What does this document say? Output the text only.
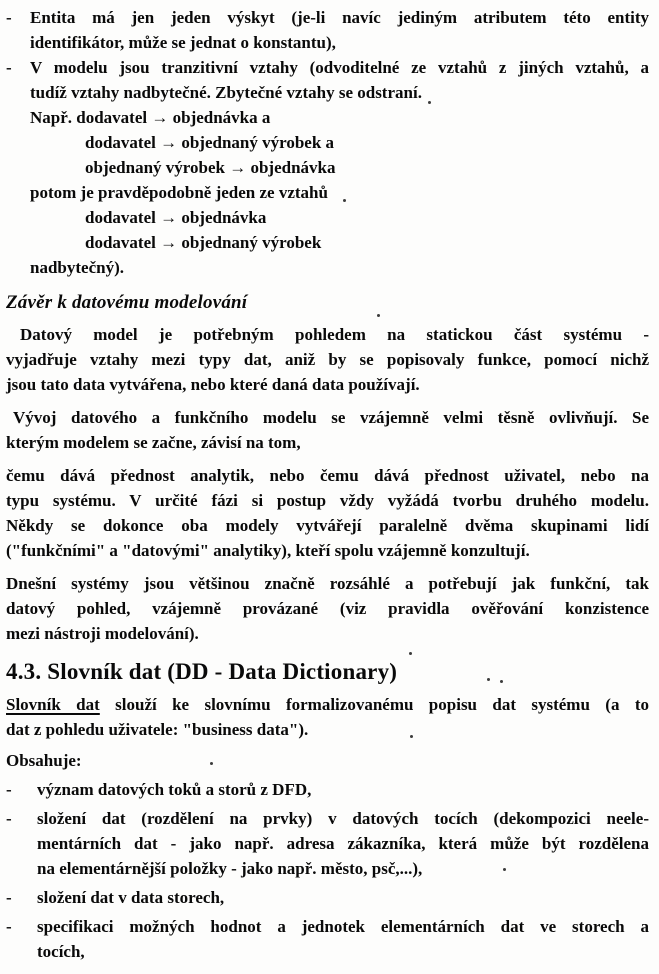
-	Entita má jen jeden výskyt (je-li navíc jediným atributem této entity
identifikátor, může se jednat o konstantu),
-	V modelu jsou tranzitivní vztahy (odvoditelné ze vztahů z jiných vztahů, a
tudíž vztahy nadbytečné. Zbytečné vztahy se odstraní.
Např. dodavatel → objednávka a
dodavatel → objednaný výrobek a
objednaný výrobek → objednávka
potom je pravděpodobně jeden ze vztahů
dodavatel → objednávka
dodavatel → objednaný výrobek
nadbytečný).
Závěr k datovému modelování
Datový model je potřebným pohledem na statickou část systému -
vyjadřuje vztahy mezi typy dat, aniž by se popisovaly funkce, pomocí nichž
jsou tato data vytvářena, nebo které daná data používají.
Vývoj datového a funkčního modelu se vzájemně velmi těsně ovlivňují. Se
kterým modelem se začne, závisí na tom,
čemu dává přednost analytik, nebo čemu dává přednost uživatel, nebo na
typu systému. V určité fázi si postup vždy vyžádá tvorbu druhého modelu.
Někdy se dokonce oba modely vytvářejí paralelně dvěma skupinami lidí
("funkčními" a "datovými" analytiky), kteří spolu vzájemně konzultují.
Dnešní systémy jsou většinou značně rozsáhlé a potřebují jak funkční, tak
datový pohled, vzájemně provázané (viz pravidla ověřování konzistence
mezi nástroji modelování).
4.3. Slovník dat (DD - Data Dictionary)
Slovník dat slouží ke slovnímu formalizovanému popisu dat systému (a to
dat z pohledu uživatele: "business data").
Obsahuje:
-	význam datových toků a storů z DFD,
-	složení dat (rozdělení na prvky) v datových tocích (dekompozici neele-
mentárních dat - jako např. adresa zákazníka, která může být rozdělena
na elementárnější položky - jako např. město, psč,...),
-	složení dat v data storech,
-	specifikaci možných hodnot a jednotek elementárních dat ve storech a
tocích,
